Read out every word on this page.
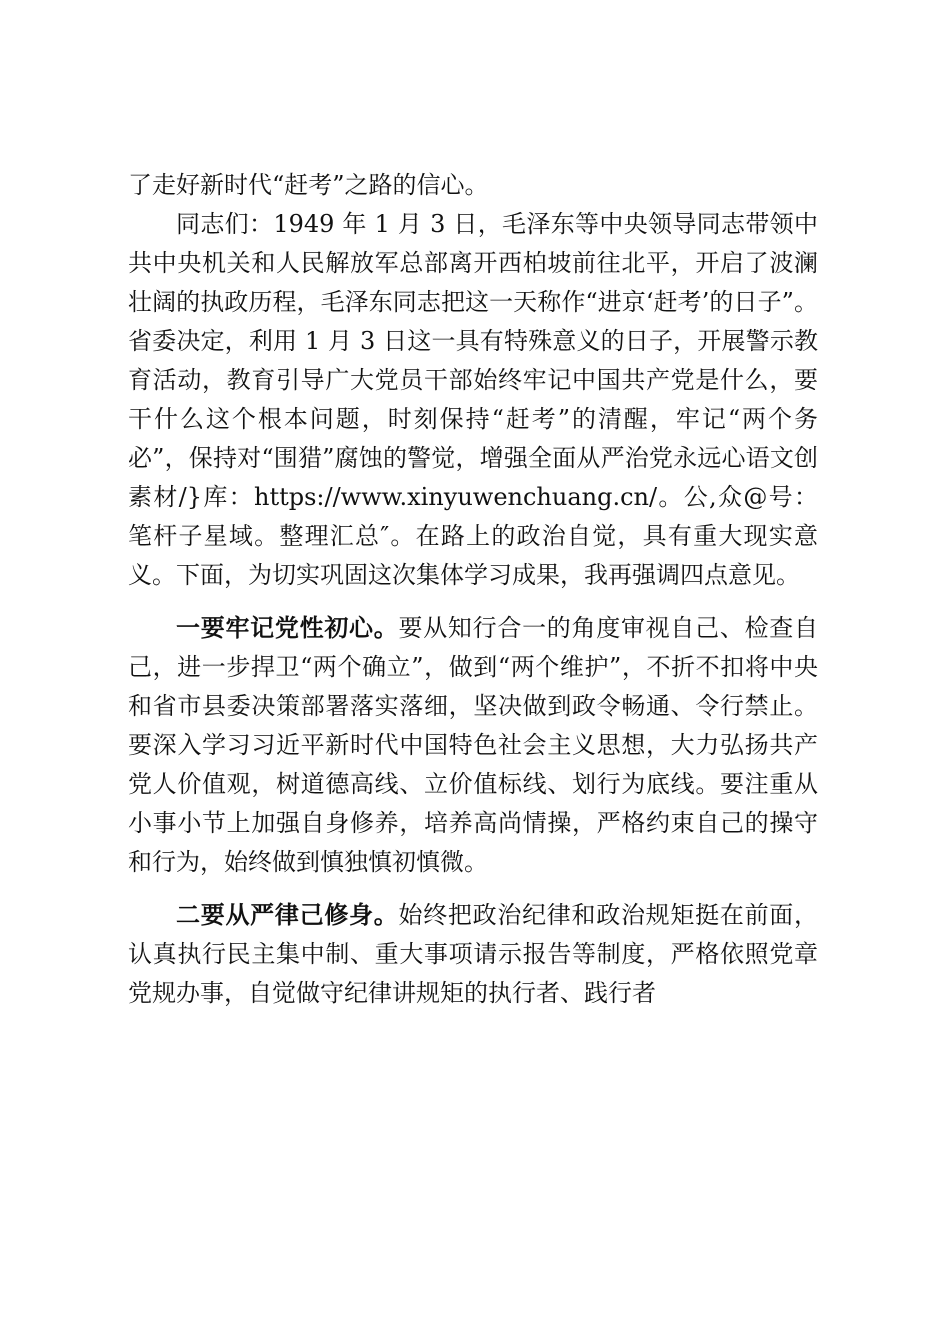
了走好新时代“赶考”之路的信心。

同志们：1949 年 1 月 3 日，毛泽东等中央领导同志带领中共中央机关和人民解放军总部离开西柏坡前往北平，开启了波澜壮阔的执政历程，毛泽东同志把这一天称作“进京‘赶考’的日子”。省委决定，利用 1 月 3 日这一具有特殊意义的日子，开展警示教育活动，教育引导广大党员干部始终牢记中国共产党是什么，要干什么这个根本问题，时刻保持“赶考”的清醒，牢记“两个务必”，保持对“围猎”腐蚀的警觉，增强全面从严治党永远心语文创素材/}库：https://www.xinyuwenchuang.cn/。公,众@号：笔杆子星域。整理汇总″。在路上的政治自觉，具有重大现实意义。下面，为切实巩固这次集体学习成果，我再强调四点意见。

一要牢记党性初心。要从知行合一的角度审视自己、检查自己，进一步捍卫“两个确立”，做到“两个维护”，不折不扣将中央和省市县委决策部署落实落细，坚决做到政令畅通、令行禁止。要深入学习习近平新时代中国特色社会主义思想，大力弘扬共产党人价值观，树道德高线、立价值标线、划行为底线。要注重从小事小节上加强自身修养，培养高尚情操，严格约束自己的操守和行为，始终做到慎独慎初慎微。

二要从严律己修身。始终把政治纪律和政治规矩挺在前面，认真执行民主集中制、重大事项请示报告等制度，严格依照党章党规办事，自觉做守纪律讲规矩的执行者、践行者
